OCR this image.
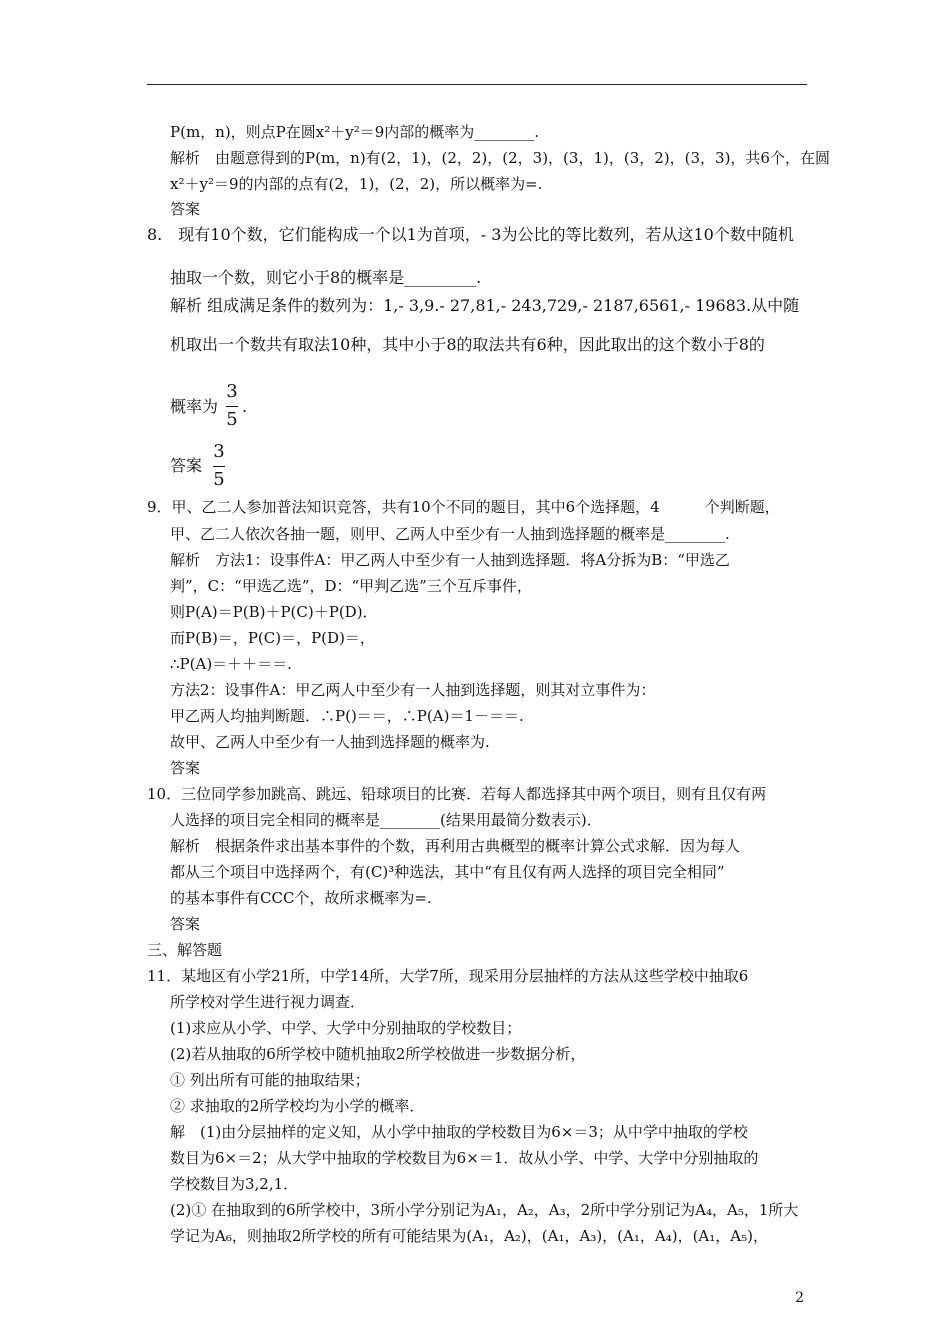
P(m，n)，则点P在圆x²＋y²＝9内部的概率为________.
解析　由题意得到的P(m，n)有(2，1)，(2，2)，(2，3)，(3，1)，(3，2)，(3，3)，共6个，在圆
x²＋y²＝9的内部的点有(2，1)，(2，2)，所以概率为=.
答案
8.　现有10个数，它们能构成一个以1为首项，- 3为公比的等比数列，若从这10个数中随机
抽取一个数，则它小于8的概率是_________.
解析 组成满足条件的数列为：1,- 3,9.- 27,81,- 243,729,- 2187,6561,- 19683.从中随
机取出一个数共有取法10种，其中小于8的取法共有6种，因此取出的这个数小于8的
9．甲、乙二人参加普法知识竞答，共有10个不同的题目，其中6个选择题，4　　　个判断题，
甲、乙二人依次各抽一题，则甲、乙两人中至少有一人抽到选择题的概率是________.
解析　方法1：设事件A：甲乙两人中至少有一人抽到选择题．将A分拆为B：“甲选乙
判”，C：“甲选乙选”，D：“甲判乙选”三个互斥事件，
则P(A)＝P(B)＋P(C)＋P(D)．
而P(B)＝，P(C)＝，P(D)＝，
∴P(A)＝＋＋＝＝.
方法2：设事件A：甲乙两人中至少有一人抽到选择题，则其对立事件为：
甲乙两人均抽判断题．∴P()＝＝，∴P(A)＝1－＝＝.
故甲、乙两人中至少有一人抽到选择题的概率为.
答案
10．三位同学参加跳高、跳远、铅球项目的比赛．若每人都选择其中两个项目，则有且仅有两
人选择的项目完全相同的概率是________(结果用最简分数表示)．
解析　根据条件求出基本事件的个数，再利用古典概型的概率计算公式求解．因为每人
都从三个项目中选择两个，有(C)³种选法，其中“有且仅有两人选择的项目完全相同”
的基本事件有CCC个，故所求概率为=.
答案
三、解答题
11．某地区有小学21所，中学14所，大学7所，现采用分层抽样的方法从这些学校中抽取6
所学校对学生进行视力调查．
(1)求应从小学、中学、大学中分别抽取的学校数目；
(2)若从抽取的6所学校中随机抽取2所学校做进一步数据分析，
① 列出所有可能的抽取结果；
② 求抽取的2所学校均为小学的概率．
解　(1)由分层抽样的定义知，从小学中抽取的学校数目为6×＝3；从中学中抽取的学校
数目为6×＝2；从大学中抽取的学校数目为6×＝1．故从小学、中学、大学中分别抽取的
学校数目为3,2,1．
(2)① 在抽取到的6所学校中，3所小学分别记为A₁，A₂，A₃，2所中学分别记为A₄，A₅，1所大
学记为A₆，则抽取2所学校的所有可能结果为(A₁，A₂)，(A₁，A₃)，(A₁，A₄)，(A₁，A₅)，
概率为
3
5
.
答案
3
5
2
